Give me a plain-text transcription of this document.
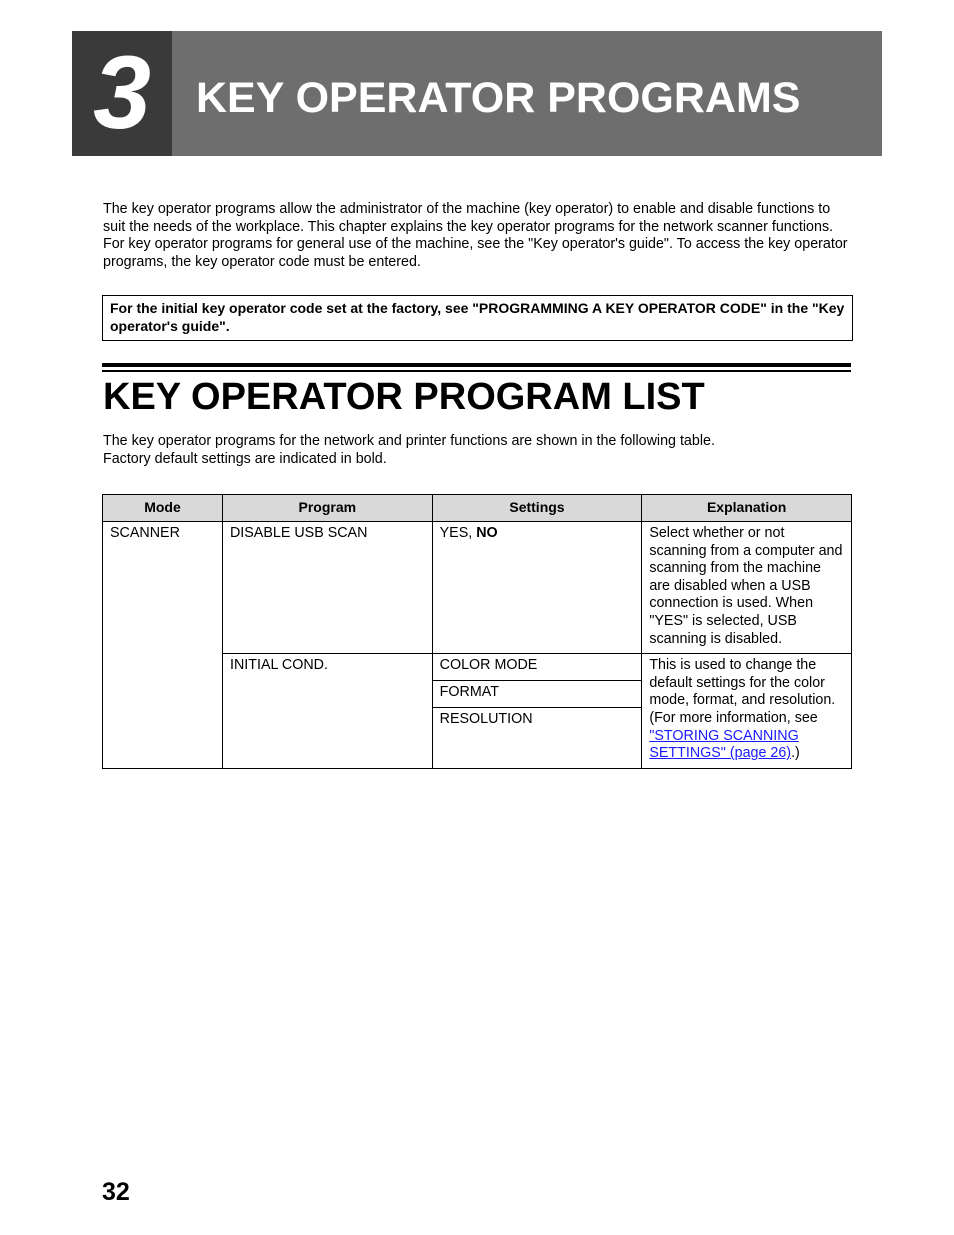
3	KEY OPERATOR PROGRAMS

The key operator programs allow the administrator of the machine (key operator) to enable and disable functions to suit the needs of the workplace. This chapter explains the key operator programs for the network scanner functions. For key operator programs for general use of the machine, see the "Key operator's guide". To access the key operator programs, the key operator code must be entered.

For the initial key operator code set at the factory, see "PROGRAMMING A KEY OPERATOR CODE" in the "Key operator's guide".
KEY OPERATOR PROGRAM LIST
The key operator programs for the network and printer functions are shown in the following table.
Factory default settings are indicated in bold.
Mode	Program	Settings	Explanation
SCANNER	DISABLE USB SCAN	YES, NO	Select whether or not scanning from a computer and scanning from the machine are disabled when a USB connection is used. When "YES" is selected, USB scanning is disabled.
	INITIAL COND.	COLOR MODE	This is used to change the default settings for the color mode, format, and resolution. (For more information, see "STORING SCANNING SETTINGS" (page 26).)
		FORMAT	
		RESOLUTION	
32
